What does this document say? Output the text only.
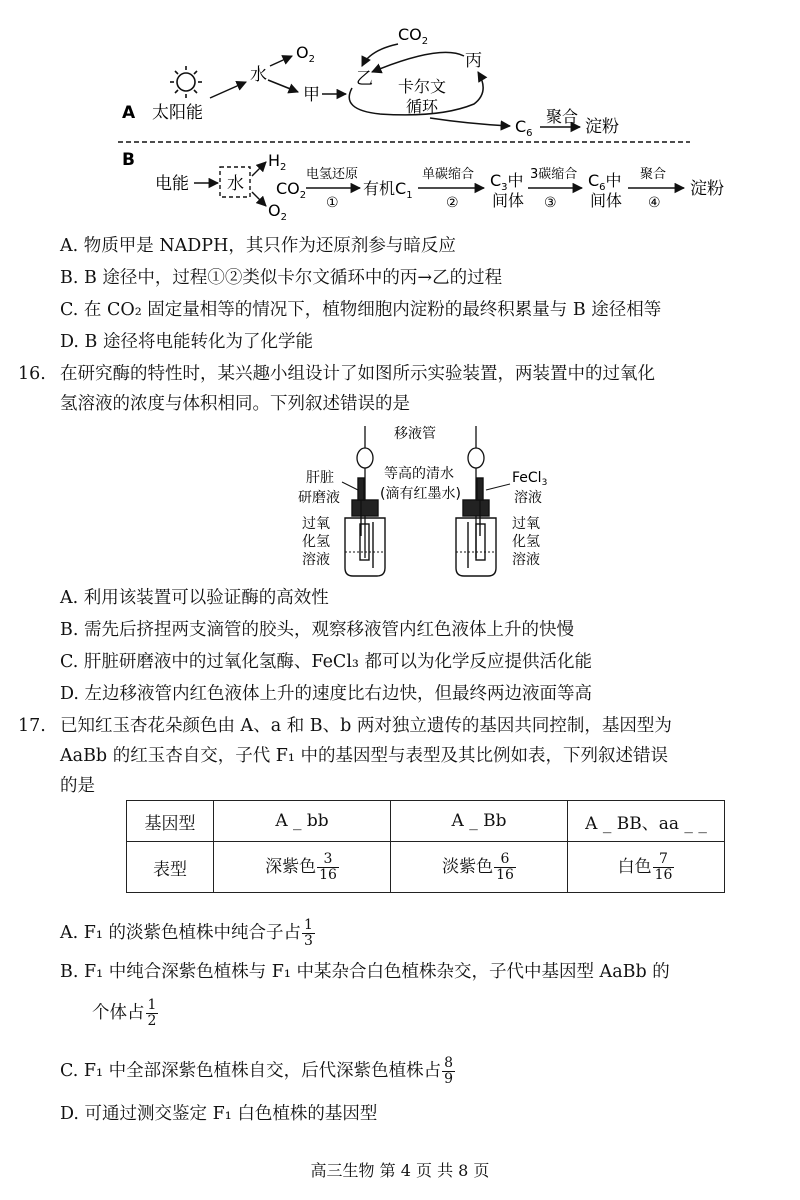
A 太阳能
水
$O_2$
甲
$CO_2$
乙
丙
卡尔文
循环
$C_6$
聚合
淀粉
B
电能 水
$H_2$
$O_2$
$CO_2$
电氢还原
①
有机$C_1$
单碳缩合
②
$C_3$中
间体
3碳缩合
③
$C_6$中
间体
聚合
④
淀粉
A. 物质甲是 NADPH，其只作为还原剂参与暗反应
B. B 途径中，过程①②类似卡尔文循环中的丙→乙的过程
C. 在 CO₂ 固定量相等的情况下，植物细胞内淀粉的最终积累量与 B 途径相等
D. B 途径将电能转化为了化学能
16. 在研究酶的特性时，某兴趣小组设计了如图所示实验装置，两装置中的过氧化
氢溶液的浓度与体积相同。下列叙述错误的是
移液管
肝脏
研磨液
等高的清水
(滴有红墨水)
FeCl$_3$
溶液
过氧
化氢
溶液
过氧
化氢
溶液
A. 利用该装置可以验证酶的高效性
B. 需先后挤捏两支滴管的胶头，观察移液管内红色液体上升的快慢
C. 肝脏研磨液中的过氧化氢酶、FeCl₃ 都可以为化学反应提供活化能
D. 左边移液管内红色液体上升的速度比右边快，但最终两边液面等高
17. 已知红玉杏花朵颜色由 A、a 和 B、b 两对独立遗传的基因共同控制，基因型为
AaBb 的红玉杏自交，子代 F₁ 中的基因型与表型及其比例如表，下列叙述错误
的是
基因型	A _ bb	A _ Bb	A _ BB、aa _ _
表型	深紫色 $\frac{3}{16}$	淡紫色 $\frac{6}{16}$	白色 $\frac{7}{16}$
A. F₁ 的淡紫色植株中纯合子占 $\frac{1}{3}$
B. F₁ 中纯合深紫色植株与 F₁ 中某杂合白色植株杂交，子代中基因型 AaBb 的
个体占 $\frac{1}{2}$
C. F₁ 中全部深紫色植株自交，后代深紫色植株占 $\frac{8}{9}$
D. 可通过测交鉴定 F₁ 白色植株的基因型
高三生物 第 4 页 共 8 页
